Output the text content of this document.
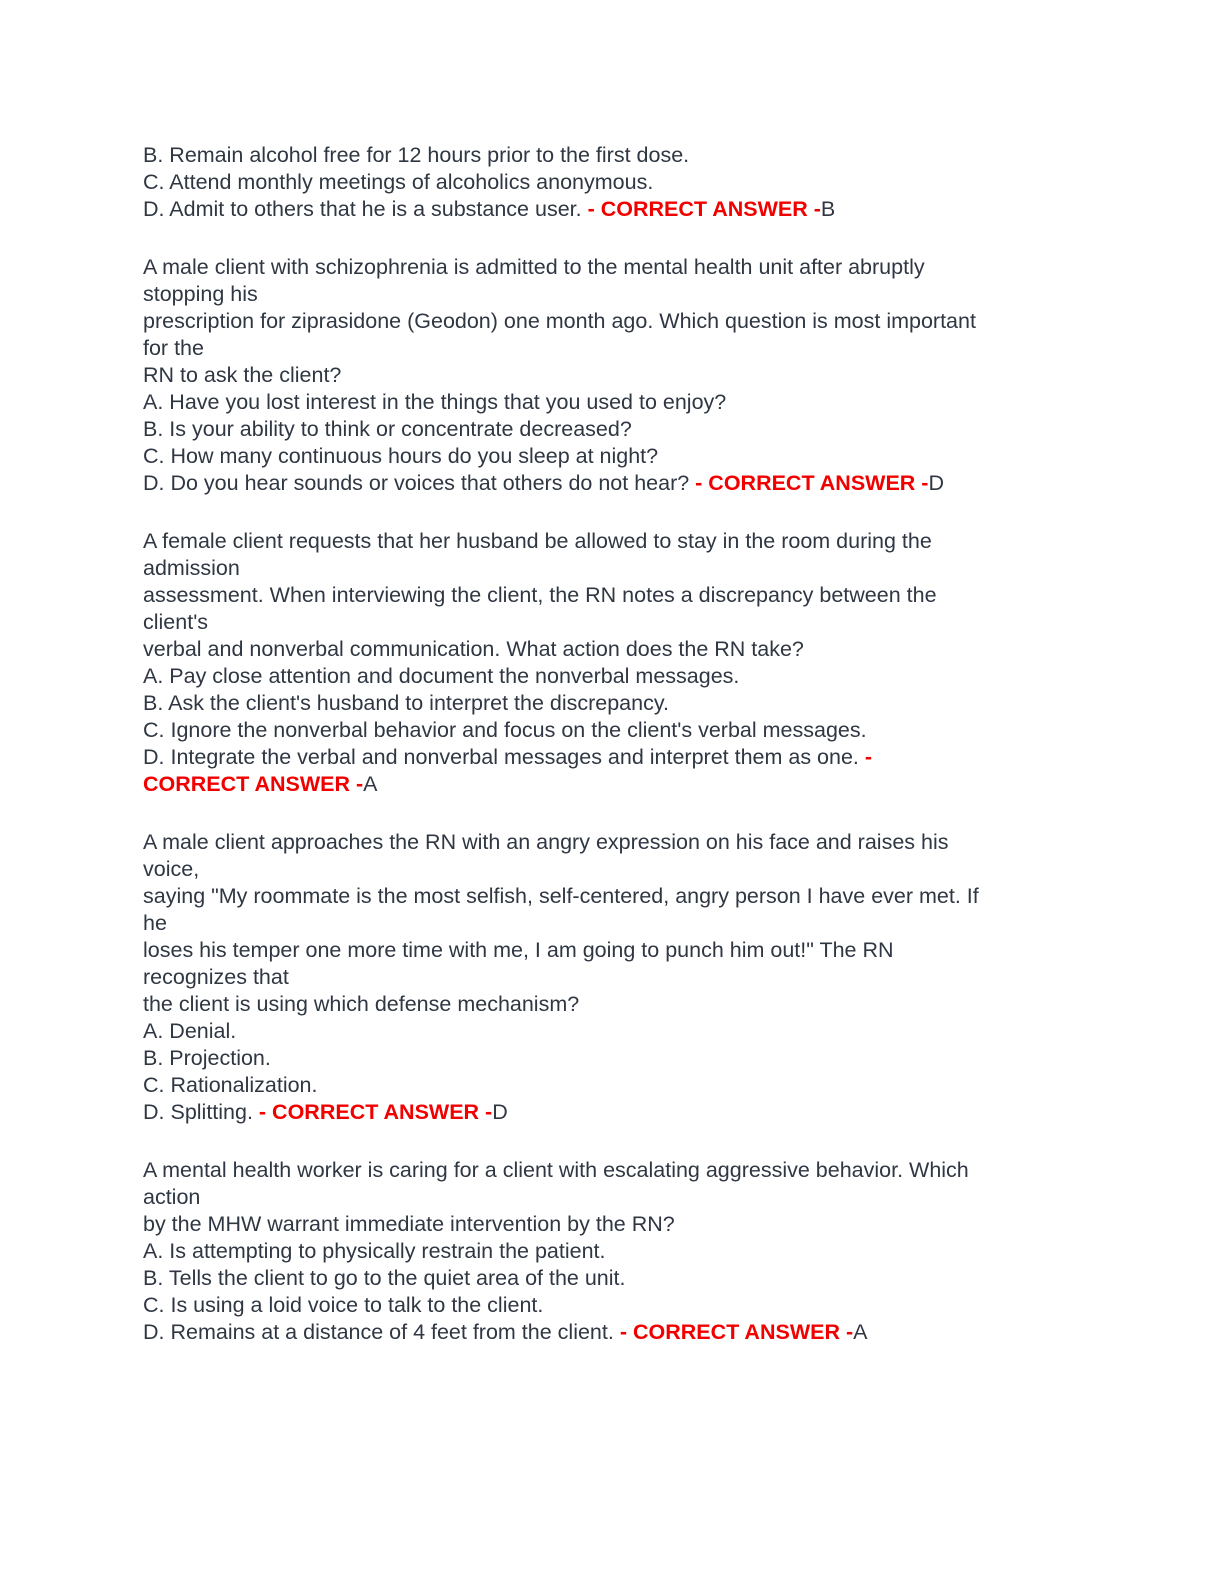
B. Remain alcohol free for 12 hours prior to the first dose.
C. Attend monthly meetings of alcoholics anonymous.
D. Admit to others that he is a substance user. - CORRECT ANSWER -B
A male client with schizophrenia is admitted to the mental health unit after abruptly
stopping his
prescription for ziprasidone (Geodon) one month ago. Which question is most important
for the
RN to ask the client?
A. Have you lost interest in the things that you used to enjoy?
B. Is your ability to think or concentrate decreased?
C. How many continuous hours do you sleep at night?
D. Do you hear sounds or voices that others do not hear? - CORRECT ANSWER -D
A female client requests that her husband be allowed to stay in the room during the
admission
assessment. When interviewing the client, the RN notes a discrepancy between the
client's
verbal and nonverbal communication. What action does the RN take?
A. Pay close attention and document the nonverbal messages.
B. Ask the client's husband to interpret the discrepancy.
C. Ignore the nonverbal behavior and focus on the client's verbal messages.
D. Integrate the verbal and nonverbal messages and interpret them as one. -
CORRECT ANSWER -A
A male client approaches the RN with an angry expression on his face and raises his
voice,
saying "My roommate is the most selfish, self-centered, angry person I have ever met. If
he
loses his temper one more time with me, I am going to punch him out!" The RN
recognizes that
the client is using which defense mechanism?
A. Denial.
B. Projection.
C. Rationalization.
D. Splitting. - CORRECT ANSWER -D
A mental health worker is caring for a client with escalating aggressive behavior. Which
action
by the MHW warrant immediate intervention by the RN?
A. Is attempting to physically restrain the patient.
B. Tells the client to go to the quiet area of the unit.
C. Is using a loid voice to talk to the client.
D. Remains at a distance of 4 feet from the client. - CORRECT ANSWER -A
